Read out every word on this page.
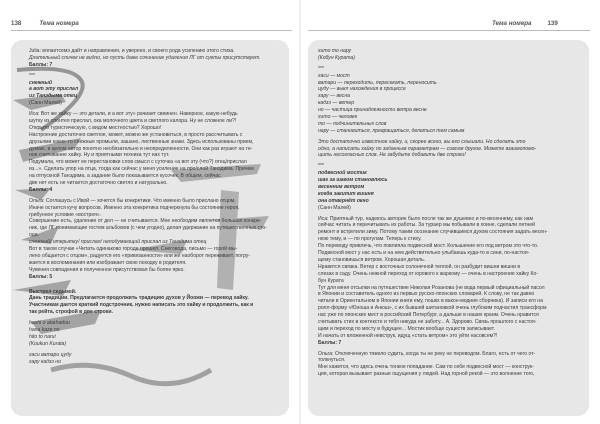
138	Тема номера

Julia: вялаетсемэ дайт и направления, и уверено, и своего рода усилению этого стиха.

Длительный спичек не видно, но пусть даже сочинение удаления ЛГ от суеты присутствует.

Баллы: 7

***

снежный

а вот эту прислал

из Танэдыма отец

(Санн Малей)

Иса: Вот же хайку — это детали, и а вот эту» рачиает свеинен. Наверное, какую-небудь

шутку из спонтея прислал, ока молочного цвета и светлого калора. Ну не сложное ли?!

Открыто туристическую, с видом местностью? Хорошо!

Настроение достаточно светлое, может, можно же установиться, в просто рассчитывать с

друзьями какие-то снежные промыли, зашано, лиственные знаки. Здесь использованы прием,

думаю, в целом автор понятно необязательно и неопределенности. Они как раз играют на те-

ное считывание хайку. Ну и приятными техника тут нах тут.

Подумала, что может ее перестановки слов смысл с суточка «а вот эту (что?) отец/прислал

из...». Сделать упор на отца, тогда как сейчас у меня усиление на про/слой Танэдима. Причем

на отпускной Танэдима, а задание было показывается кусочек. В общем, сейчас

две нет есть не читается достаточно светло и натурально.

Баллы: 4

Ольга: Соглашусь с Ивой — хочется бы конкретики. Что именно было прислано отцом.

Иначе остается кучу вопросов. Именно эта конкретика подчеркнула бы состояние героя,

грибунное условие «вострея».

Совершение есть, удаление от дел — не считывается. Мне необходим является большая конкре-

ник, где ЛГ понимающие гостем альбомов (с чем угодно), делая удержание на путешественных сто-

ода.

снежный/ открытку/ прислал/ неподумающий прислал из Танэдима отец

Вот в таком случае «Читать одинаково городе прошел. Снеговода, письмо — горой мы-

лено общается с отцом», радуется его «привязанности» или же наоборот переживает, погру-

жается в воспоминания или изображает свою походку в родителя.

Чувения совпадения и полученное присутствовая бы более ярко.

Баллы: 5

Выстрел седьмой.

Дань традиции. Предлагается продолжить традицию духов у Йоожи — перевод хайку.

Участникам дается краткий подстрочник, нужно написать это хайку и продолжить, как и

так рейта, строфой в две строки.

hashi o atarhadou

hana kaze no

hito to narui

(Koukun Kurata)

хаси ватари цуду

хару кадзэ но

Тема номера	139

хито то нару

(Кобун Курата)

***

хаси — мост

ватари — переходить, пересекать, переносить

цуду — выкл нахождения в процессе

хару — весна

кадзэ — ветер

но — частица принадлежности ветра весне

хито — человек

то — подчинительных слов

нару — становиться, превращаться, делаться тем самым

Это достаточно известное хайку, и, скорее всего, вы его слышали. Но сделать это

одно, а написать хайку по заданным параметрам — совсем другое. Можете взаимопомо-

щить несогласных слов. Не забудьте добавить две строки!

***

подвесной мостик

шаг за шагом становлюсь

весенним ветром

когда закипит вишня

она отвернёт окно

(Санн Малей)

Иса: Приятный тур, надеюсь авторин было после так же душевно и по-весеннему, как нам

сейчас читать и перечитывать их работы. За тураер мы побывали в хоине, сделали летней

ремонт и встретили зиму. Потому таким осознание случившимся духом состояния задать весен-

нюю тему, и — по прогулам. Теперь к стиху.

По переводу привлечь, что повлияла подвесной мост. Колышение его под ветром это что-то.

Подвесной мост у нас есть и на нем действительно улыбаешь куда-то в сини, по-настоя-

щему становишься ветром. Хорошая деталь.

Нравится связка. Ветер с восточных солонечной теплой, он разбудит вишни вишни в

слезах в саду. Очень нежной переход от юрового к жаркому — очень в настроение хайку Ко-

бун Курата

Тут для меня отсылки на путешествие Николая Розанова (не вода первый официальный пасол

в Японии и составитель одного из первых русско-японских словарей. К слову, не так давно

читали в Ориентальном в Японии книги ему, пошкх в вакон-модние сборника). И записи его на

ролл-форму «Юноша и Анюш», с их бывшей шитановкой очень глубоким подчастил трансформ

нас уже по японских мест в российский Петербург, а дальше в наших кранм. Очень нравится

считывать стих в контексте и тебя никуда не заботу... А. Здорово. Связь прошлого с настоя-

щим и переход по мосту в будущее... Мостик вообще существ записывает.

И начать от вложенной невструк, идущ «стать ветром» это уйти насовсем?!

Баллы: 7

Ольга: Отключенную тяжело судить, когда ты не реку не переводом. Благо, есть от чего от-

толкнуться.

Мне кажется, что здесь очень тонкое попадание. Сам по себе подвесной мост — конструк-

ция, которая вызывает разные ощущения у людей. Над горной рекой — это волнение того,
